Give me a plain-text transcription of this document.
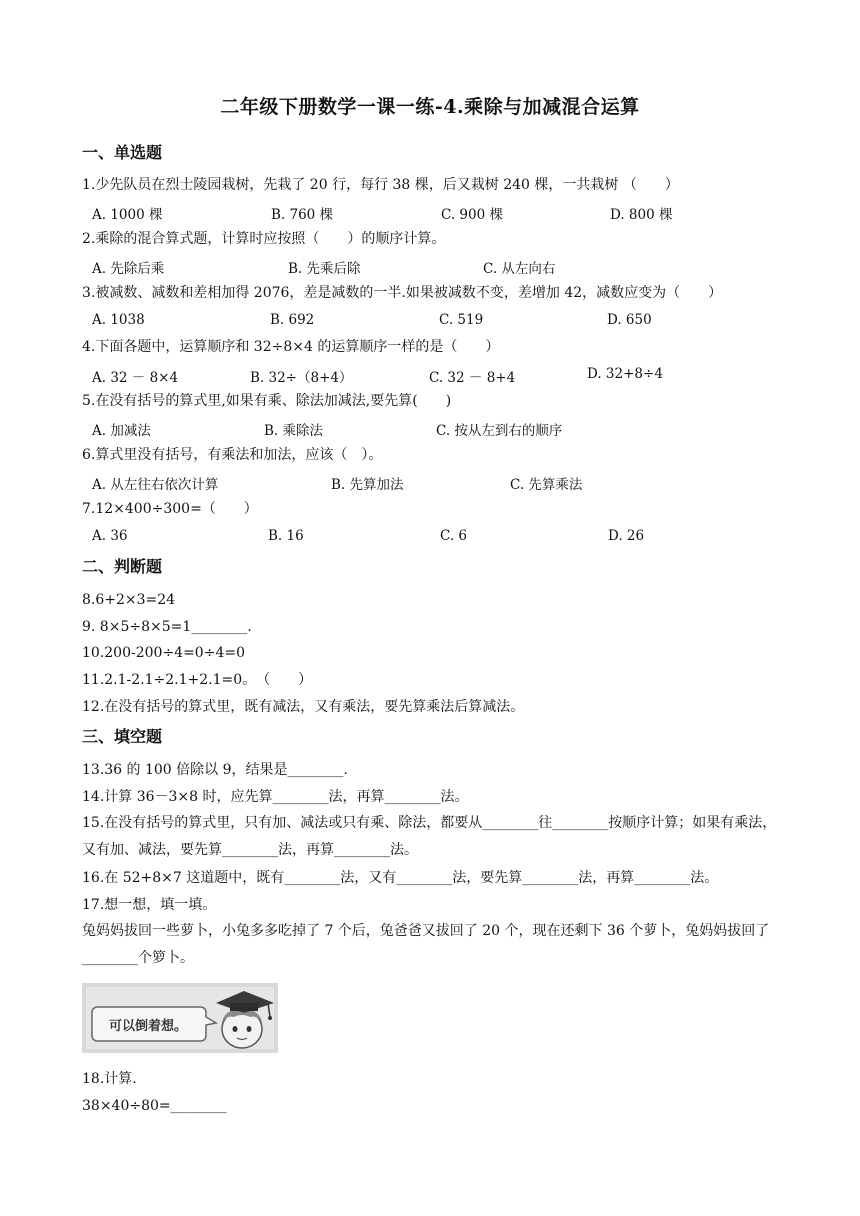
二年级下册数学一课一练-4.乘除与加减混合运算
一、单选题
1.少先队员在烈士陵园栽树，先栽了 20 行，每行 38 棵，后又栽树 240 棵，一共栽树 （　　）
A. 1000 棵	B. 760 棵	C. 900 棵	D. 800 棵
2.乘除的混合算式题，计算时应按照（　　）的顺序计算。
A. 先除后乘	B. 先乘后除	C. 从左向右
3.被减数、减数和差相加得 2076，差是减数的一半.如果被减数不变，差增加 42，减数应变为（　　）
A. 1038	B. 692	C. 519	D. 650
4.下面各题中，运算顺序和 32÷8×4 的运算顺序一样的是（　　）
A. 32 － 8×4	B. 32÷（8+4）	C. 32 － 8+4	D. 32+8÷4
5.在没有括号的算式里,如果有乘、除法加减法,要先算(　　)
A. 加减法	B. 乘除法	C. 按从左到右的顺序
6.算式里没有括号，有乘法和加法，应该（　）。
A. 从左往右依次计算	B. 先算加法	C. 先算乘法
7.12×400÷300=（　　）
A. 36	B. 16	C. 6	D. 26
二、判断题
8.6+2×3=24
9. 8×5÷8×5=1________.
10.200-200÷4=0÷4=0
11.2.1-2.1÷2.1+2.1=0。　（　　）
12.在没有括号的算式里，既有减法，又有乘法，要先算乘法后算减法。
三、填空题
13.36 的 100 倍除以 9，结果是________.
14.计算 36－3×8 时，应先算________法，再算________法。
15.在没有括号的算式里，只有加、减法或只有乘、除法，都要从________往________按顺序计算；如果有乘法，又有加、减法，要先算________法，再算________法。
16.在 52+8×7 这道题中，既有________法，又有________法，要先算________法，再算________法。
17.想一想，填一填。
兔妈妈拔回一些萝卜，小兔多多吃掉了 7 个后，兔爸爸又拔回了 20 个，现在还剩下 36 个萝卜，兔妈妈拔回了________个箩卜。
可以倒着想。
18.计算.
38×40÷80=________
